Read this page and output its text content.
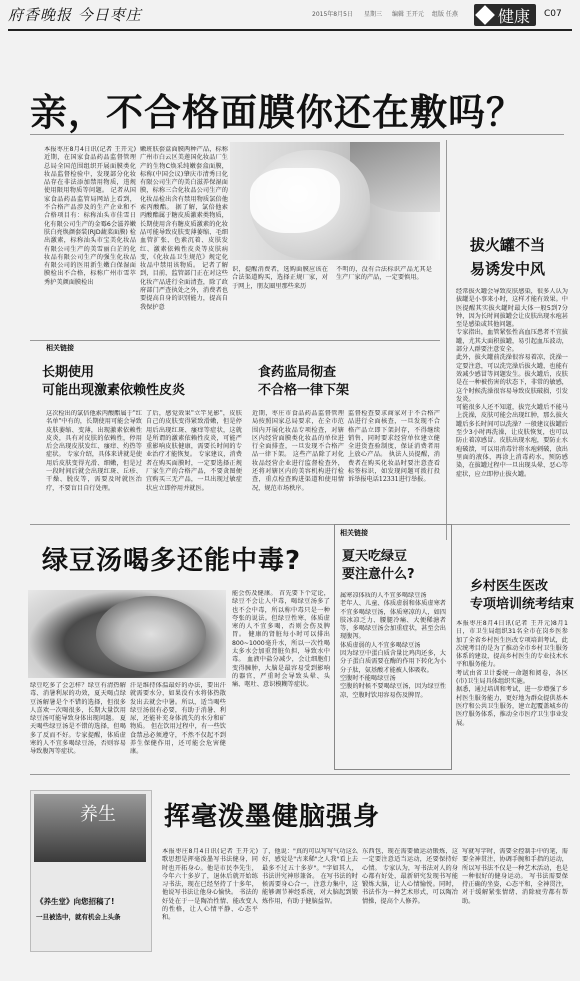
府香晚报 今日枣庄	2015年8月5日 星期三 编辑 王开元 组版 任燕	健康 C07
亲，不合格面膜你还在敷吗？
本报枣庄8月4日讯(记者 王开元) 近期，在国家食品药品监督管理总局全国范围组织开展面膜类化妆品监督检验中，发现部分化妆品存在非法添加禁用物质，违规使用限用物质等问题。 记者从国家食品药品监管局网站上看到，不合格产品涉及的生产企业和不合格项目有：标称汕头市佳雪日化有限公司生产的金霉6会滋养嫩肤白亮焕颜套装(RJD蔬菜面膜) 检出激素，标称汕头市宝美化妆品有限公司生产的美雪丽白芷的化妆品有限公司生产的强生化妆品有限公司的医用新生嫩白保湿面膜检出不合格，标称广州市雪萃秀护美颜面膜检出
嫩班肤套盒面膜两种产品，标称广州市白云区美莲国化妆品厂生产的生物C焕采纯嫩套盒面膜，标称(中国会议)肇庆市清秀日化有限公司生产的美白滋养保湿面膜，标称三合化妆品公司生产的化妆品检出含有禁用物质氯倍他索丙酸酯。 据了解，氯倍他索丙酸酯属于糖皮质激素类物质，长期使用含有糖皮质激素的化妆品可能导致皮肤变薄萎缩、毛细血管扩张、色素沉着、皮肤发红、激素依赖性皮炎等皮肤病变，《化妆品卫生规范》规定化妆品中禁用该物质。 记者了解到，目前，监管部门正在对这些化妆产品进行全面清查，除了政府部门严查执处之外，消费者也要提高自身的识别能力，提高自我保护意
识，提醒消费者，选购面膜应该在合法渠道购买，选择正规厂家，对于网上，朋友圈里那些来历
不明的，没有合法标识产品尤其是生产厂家的产品，一定要慎用。
拔火罐不当
易诱发中风
经常拔火罐会导致皮肤感染，很多人认为拔罐是小事来小时，这样才能有效果。中医提醒其实拔火罐时最大体一般5到7分钟，因为长时间拔罐会让皮肤出现水疱甚至是感染或其他问题。
专家指出，血管紧张性高血压患者不宜拔罐，尤其大面积拔罐，易引起血压波动，部分人群要注意安全。
此外，拔火罐前洗澡很容易着凉，洗澡一定要注意，可以洗完澡后拔火罐，也能有效减少感冒等问题发生。拔火罐后，皮肤是在一种被伤害的状态下，非常的敏感，这个时候洗澡很容易导致皮肤破损，引发发炎。
可能很多人还不知道，拔完火罐后不能马上洗澡，皮肤可能会出现红肿，那么拔火罐后多长时间可以洗澡？一般建议拔罐后至少3小时再洗澡，让皮肤恢复，也可以防止着凉感冒。皮肤出现水疱，要防止水疱破溃，可以用消毒针将水疱刺破，放出里面的液体，再涂上消毒药水，预防感染，在拔罐过程中一旦出现头晕、恶心等症状，应立即停止拔火罐。
相关链接
长期使用
可能出现激素依赖性皮炎
这次检出的氯倍他索丙酸酯属于"红名单"中有的，长期使用可能会导致皮肤萎缩、变薄，出现激素依赖性皮炎，具有对皮肤的依赖性，停用后会出现皮肤发红、瘙痒、灼热等症状。 专家介绍，具体来讲就是使用后皮肤变得光滑、细嫩，但是过一段时间后就会出现红斑、丘疹、干燥、脱皮等，需要及时就医治疗，不要盲目自行处理。
了后，感觉效果"立竿见影"，皮肤自己的皮肤变得紧致滑嫩，但是停用后出现红斑、瘙痒等症状，这就是所谓的激素依赖性皮炎，可能严重影响皮肤健康，需要长时间的专业治疗才能恢复。 专家建议，消费者在购买面膜时，一定要选择正规厂家生产的合格产品，不要贪图便宜购买三无产品，一旦出现过敏症状应立即停用并就医。
食药监局彻查
不合格一律下架
近期，枣庄市食品药品监督管理局按照国家总局要求，在全市范围内开展化妆品专项检查，对辖区内经营面膜类化妆品的单位进行全面排查，一旦发现不合格产品一律下架。 这些产品除了对化妆品经营企业进行监督检查外，还将对辖区内的美容机构进行检查，重点检查购进渠道和使用情况，规范市场秩序。
监督检查要求商家对于不合格产品进行全面核查，一旦发现不合格产品立即下架封存，不得继续销售，同时要求经营单位建立健全进货查验制度，保证消费者用上放心产品。 执法人员提醒，消费者在购买化妆品时要注意查看标签标识，如发现问题可拨打投诉举报电话12331进行举报。
绿豆汤喝多还能中毒?
绿豆吃多了会怎样？绿豆有清热解毒、消暑利尿的功效，夏天喝点绿豆汤解暑是个不错的选择，但很多人喜欢一次喝很多，长期大量饮用绿豆汤可能导致身体出现问题。 夏天喝些绿豆汤是不错的选择，但喝多了反而不好。专家提醒，体质虚寒的人不宜多喝绿豆汤，否则容易导致腹泻等症状。
汗是维持体温最好的办法，要出汗就需要水分，如果没有水将体热散发出去就会中暑。所以，适当喝些绿豆汤很有必要，有助于消暑、利尿，还能补充身体流失的水分和矿物质。 但在饮用过程中，有一些饮食禁忌必须遵守，不然不仅起不到养生保健作用，还可能会危害健康。
能会伤及健康。 首先要下个定论，绿豆不会让人中毒，喝绿豆汤多了也不会中毒，所以称中毒只是一种夸张的说法。但绿豆性寒，体质虚寒的人不宜多喝，否则会伤及脾胃。 健康的肾脏每小时可以排出800~1000毫升水，所以一次性喝太多水会加重肾脏负担，导致水中毒。 血液中盐分减少，会让细胞们变得臃肿，大脑是最容易受到影响的器官，严重时会导致头晕、头痛、呕吐、意识模糊等症状。
相关链接
夏天吃绿豆
要注意什么?
属寒凉体质的人不宜多喝绿豆汤
老年人、儿童、体质虚弱和体质虚寒者不宜多喝绿豆汤，体质寒凉的人，如四肢冰凉乏力、腰腿冷痛、大便稀溏者等，多喝绿豆汤会加重症状，甚至会出现腹泻。
体质虚弱的人不宜多喝绿豆汤
因为绿豆中蛋白质含量比鸡肉还多，大分子蛋白质需要在酶的作用下转化为小分子肽，氨基酸才能被人体吸收。
空腹时不能喝绿豆汤
空腹的时候不要喝绿豆汤，因为绿豆性凉，空腹时饮用容易伤及脾胃。
乡村医生医改
专项培训统考结束
本报枣庄8月4日讯(记者 王开元)8月1日，市卫生局组织31名全市在岗乡医参加了全省乡村医生医改专项培训考试，此次统考目的是为了推动全市乡村卫生服务体系的建设，提高乡村医生的专业技术水平和服务能力。
考试由省卫计委统一命题和阅卷，各区(市)卫生局具体组织实施。
据悉，通过培训和考试，进一步增强了乡村医生服务能力，更好地为群众提供基本医疗和公共卫生服务，建立起覆盖城乡的医疗服务体系，推动全市医疗卫生事业发展。
挥毫泼墨健脑强身
本报枣庄8月4日讯(记者 王开元) 歌思想是挥毫泼墨写书法健身，同时也开拓身心。他是市民李先生，今年六十多岁了，退休后就开始练习书法，现在已经坚持了十多年，他说写书法让他身心愉快。 书法的好处在于一是陶冶性情、能改变人的性格，让人心情平静、心态平和。
了，他说："真的可以写写气功这么好，感觉是"古来稀"之人我"看上去最多不过五十多岁"。"字如其人，书法讲究神形兼备。 在写书法的时候需要身心合一，注意力集中，这能够调节神经系统，对大脑起到锻炼作用，有助于健脑益智。
东西包，现在需要做运动锻炼，这一定要注意适当运动，还要保持好心情。 专家认为，写书法对人的身心都有好处，最新研究发现书写能锻炼大脑，让人心情愉悦。同时，书法作为一种艺术形式，可以陶冶情操，提高个人修养。
写就写字时，需要全控制手中的笔，需要全神贯注，协调手腕和手指的运动，所以写书法不仅是一种艺术活动，也是一种很好的健身运动。 写书法需要保持正确的坐姿，心态平和，全神贯注，对于缓解紧张情绪、消除疲劳都有帮助。
养生
《养生堂》向您招稿了!
一旦被选中，就有机会上头条
